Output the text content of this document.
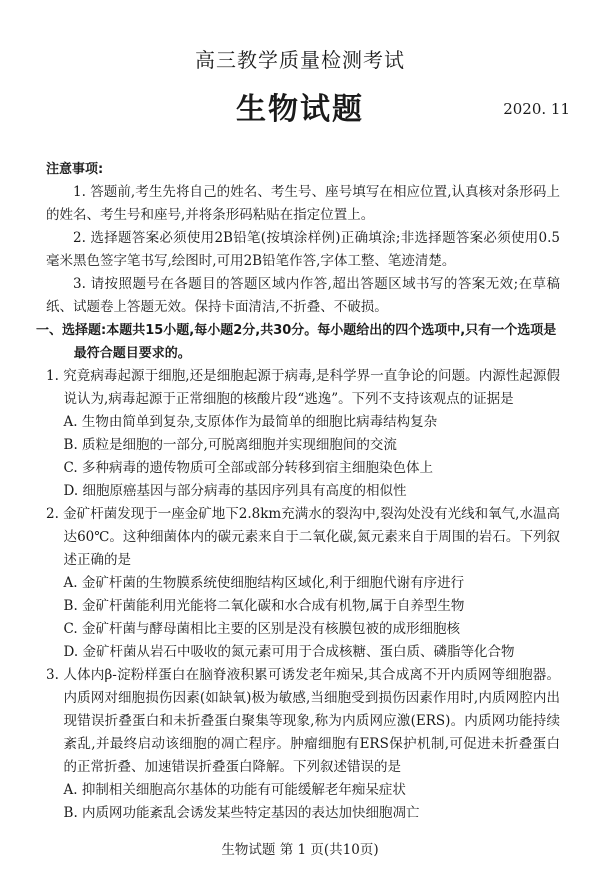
高三教学质量检测考试
生物试题	2020. 11
注意事项:
1. 答题前,考生先将自己的姓名、考生号、座号填写在相应位置,认真核对条形码上的姓名、考生号和座号,并将条形码粘贴在指定位置上。
2. 选择题答案必须使用2B铅笔(按填涂样例)正确填涂;非选择题答案必须使用0.5毫米黑色签字笔书写,绘图时,可用2B铅笔作答,字体工整、笔迹清楚。
3. 请按照题号在各题目的答题区域内作答,超出答题区域书写的答案无效;在草稿纸、试题卷上答题无效。保持卡面清洁,不折叠、不破损。
一、选择题:本题共15小题,每小题2分,共30分。每小题给出的四个选项中,只有一个选项是最符合题目要求的。
1. 究竟病毒起源于细胞,还是细胞起源于病毒,是科学界一直争论的问题。内源性起源假说认为,病毒起源于正常细胞的核酸片段“逃逸”。下列不支持该观点的证据是
A. 生物由简单到复杂,支原体作为最简单的细胞比病毒结构复杂
B. 质粒是细胞的一部分,可脱离细胞并实现细胞间的交流
C. 多种病毒的遗传物质可全部或部分转移到宿主细胞染色体上
D. 细胞原癌基因与部分病毒的基因序列具有高度的相似性
2. 金矿杆菌发现于一座金矿地下2.8km充满水的裂沟中,裂沟处没有光线和氧气,水温高达60℃。这种细菌体内的碳元素来自于二氧化碳,氮元素来自于周围的岩石。下列叙述正确的是
A. 金矿杆菌的生物膜系统使细胞结构区域化,利于细胞代谢有序进行
B. 金矿杆菌能利用光能将二氧化碳和水合成有机物,属于自养型生物
C. 金矿杆菌与酵母菌相比主要的区别是没有核膜包被的成形细胞核
D. 金矿杆菌从岩石中吸收的氮元素可用于合成核糖、蛋白质、磷脂等化合物
3. 人体内β-淀粉样蛋白在脑脊液积累可诱发老年痴呆,其合成离不开内质网等细胞器。内质网对细胞损伤因素(如缺氧)极为敏感,当细胞受到损伤因素作用时,内质网腔内出现错误折叠蛋白和未折叠蛋白聚集等现象,称为内质网应激(ERS)。内质网功能持续紊乱,并最终启动该细胞的凋亡程序。肿瘤细胞有ERS保护机制,可促进未折叠蛋白的正常折叠、加速错误折叠蛋白降解。下列叙述错误的是
A. 抑制相关细胞高尔基体的功能有可能缓解老年痴呆症状
B. 内质网功能紊乱会诱发某些特定基因的表达加快细胞凋亡
生物试题 第 1 页(共10页)
